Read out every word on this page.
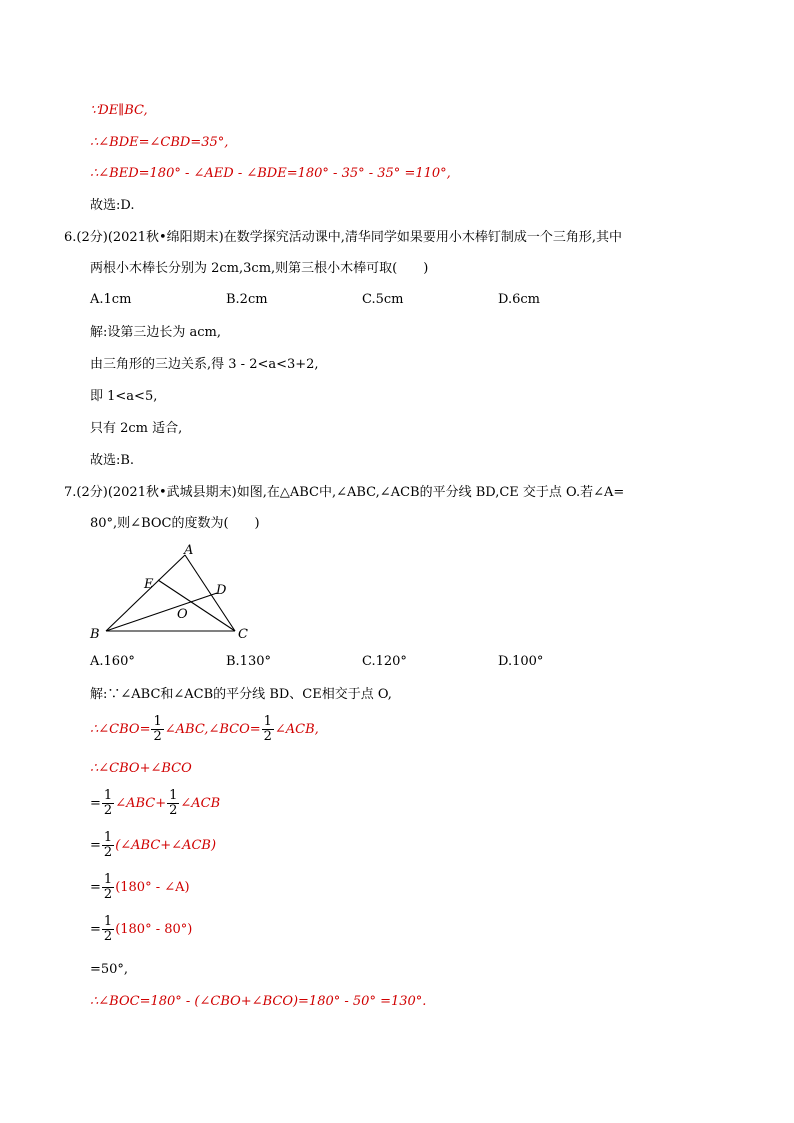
∵DE∥BC,
∴∠BDE=∠CBD=35°,
∴∠BED=180° - ∠AED - ∠BDE=180° - 35° - 35° =110°,
故选:D.
6.(2分)(2021秋•绵阳期末)在数学探究活动课中,清华同学如果要用小木棒钉制成一个三角形,其中
两根小木棒长分别为 2cm,3cm,则第三根小木棒可取(　　)
A.1cm	B.2cm	C.5cm	D.6cm
解:设第三边长为 acm,
由三角形的三边关系,得 3 - 2<a<3+2,
即 1<a<5,
只有 2cm 适合,
故选:B.
7.(2分)(2021秋•武城县期末)如图,在△ABC中,∠ABC,∠ACB的平分线 BD,CE 交于点 O.若∠A=
80°,则∠BOC的度数为(　　)
A
B	C
D
E
O
A.160°	B.130°	C.120°	D.100°
解:∵∠ABC和∠ACB的平分线 BD、CE相交于点 O,
∴∠CBO= $\frac{1}{2}$ ∠ABC,∠BCO= $\frac{1}{2}$ ∠ACB,
∴∠CBO+∠BCO
= $\frac{1}{2}$ ∠ABC+ $\frac{1}{2}$ ∠ACB
= $\frac{1}{2}$ (∠ABC+∠ACB)
= $\frac{1}{2} (180^\circ$ - ∠A)
= $\frac{1}{2} (180^\circ - 80^\circ)$
=50°,
∴∠BOC=180° - (∠CBO+∠BCO)=180° - 50° =130°.
